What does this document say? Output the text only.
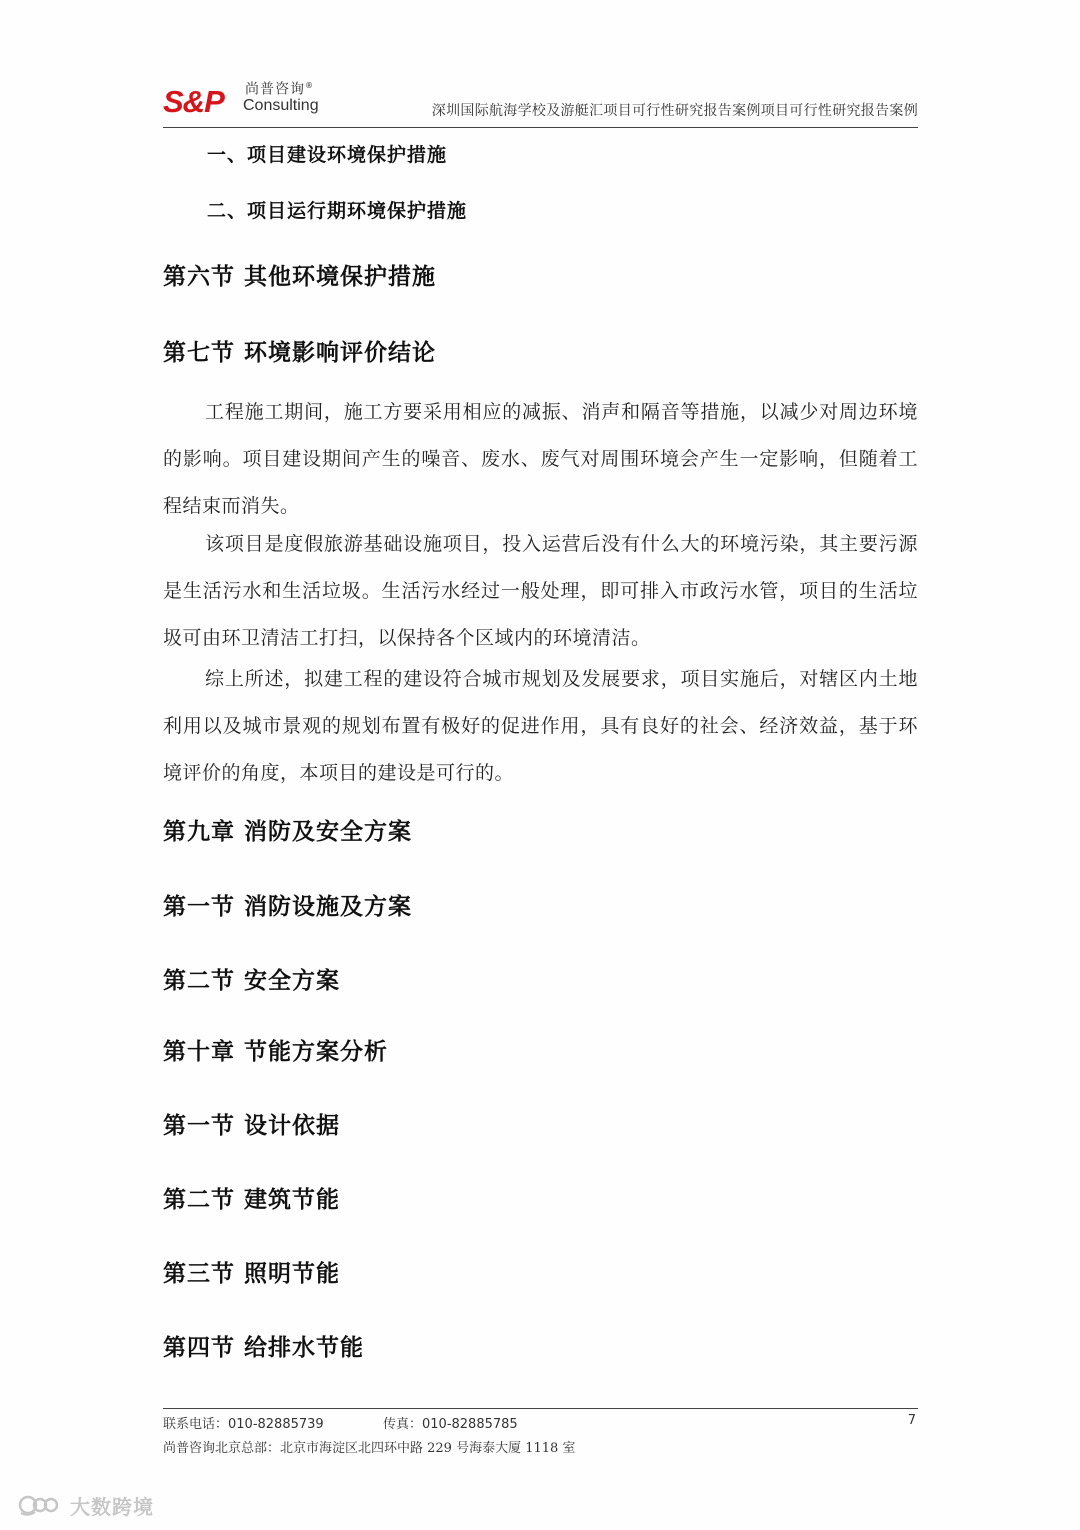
S&P 尚普咨询®
Consulting	深圳国际航海学校及游艇汇项目可行性研究报告案例项目可行性研究报告案例
一、项目建设环境保护措施
二、项目运行期环境保护措施
第六节 其他环境保护措施
第七节 环境影响评价结论
工程施工期间，施工方要采用相应的减振、消声和隔音等措施，以减少对周边环境的影响。项目建设期间产生的噪音、废水、废气对周围环境会产生一定影响，但随着工程结束而消失。
该项目是度假旅游基础设施项目，投入运营后没有什么大的环境污染，其主要污源是生活污水和生活垃圾。生活污水经过一般处理，即可排入市政污水管，项目的生活垃圾可由环卫清洁工打扫，以保持各个区域内的环境清洁。
综上所述，拟建工程的建设符合城市规划及发展要求，项目实施后，对辖区内土地利用以及城市景观的规划布置有极好的促进作用，具有良好的社会、经济效益，基于环境评价的角度，本项目的建设是可行的。
第九章 消防及安全方案
第一节 消防设施及方案
第二节 安全方案
第十章 节能方案分析
第一节 设计依据
第二节 建筑节能
第三节 照明节能
第四节 给排水节能
联系电话：010-82885739	传真：010-82885785	7
尚普咨询北京总部：北京市海淀区北四环中路 229 号海泰大厦 1118 室
大数跨境
